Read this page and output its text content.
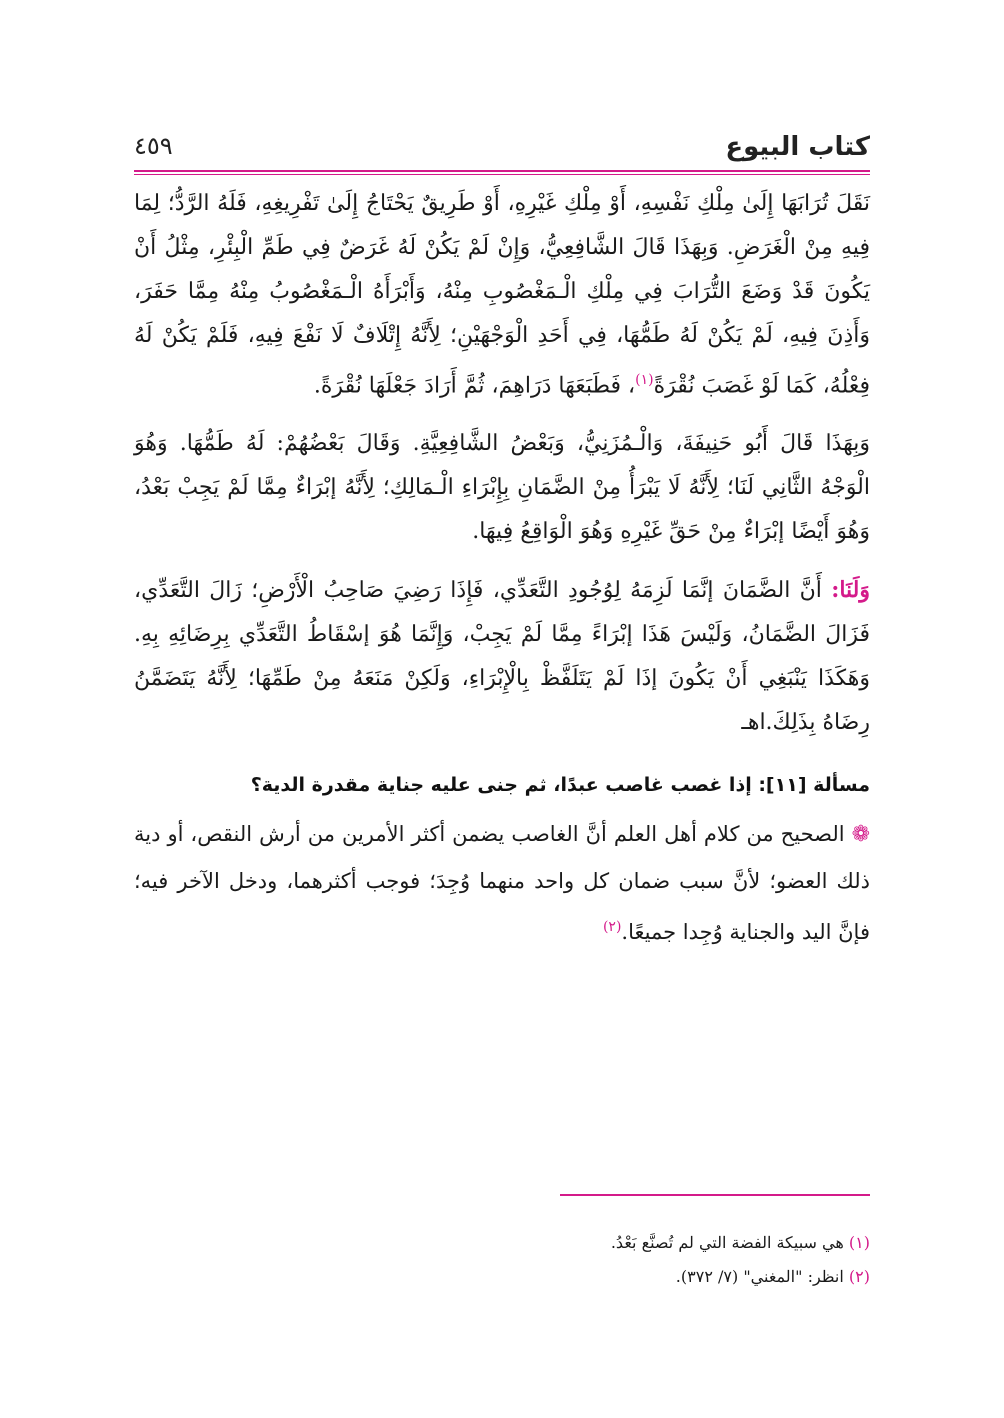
كتاب البيوع
٤٥٩

نَقَلَ تُرَابَهَا إِلَىٰ مِلْكِ نَفْسِهِ، أَوْ مِلْكِ غَيْرِهِ، أَوْ طَرِيقٌ يَحْتَاجُ إِلَىٰ تَفْرِيغِهِ، فَلَهُ الرَّدُّ؛ لِمَا فِيهِ مِنْ الْغَرَضِ. وَبِهَذَا قَالَ الشَّافِعِيُّ، وَإِنْ لَمْ يَكُنْ لَهُ غَرَضٌ فِي طَمِّ الْبِئْرِ، مِثْلُ أَنْ يَكُونَ قَدْ وَضَعَ التُّرَابَ فِي مِلْكِ الْـمَغْصُوبِ مِنْهُ، وَأَبْرَأَهُ الْـمَغْصُوبُ مِنْهُ مِمَّا حَفَرَ، وَأَذِنَ فِيهِ، لَمْ يَكُنْ لَهُ طَمُّهَا، فِي أَحَدِ الْوَجْهَيْنِ؛ لِأَنَّهُ إِتْلَافٌ لَا نَفْعَ فِيهِ، فَلَمْ يَكُنْ لَهُ فِعْلُهُ، كَمَا لَوْ غَصَبَ نُقْرَةً$^{(١)}$، فَطَبَعَهَا دَرَاهِمَ، ثُمَّ أَرَادَ جَعْلَهَا نُقْرَةً.

وَبِهَذَا قَالَ أَبُو حَنِيفَةَ، وَالْـمُزَنِيُّ، وَبَعْضُ الشَّافِعِيَّةِ. وَقَالَ بَعْضُهُمْ: لَهُ طَمُّهَا. وَهُوَ الْوَجْهُ الثَّانِي لَنَا؛ لِأَنَّهُ لَا يَبْرَأُ مِنْ الضَّمَانِ بِإِبْرَاءِ الْـمَالِكِ؛ لِأَنَّهُ إبْرَاءٌ مِمَّا لَمْ يَجِبْ بَعْدُ، وَهُوَ أَيْضًا إبْرَاءٌ مِنْ حَقِّ غَيْرِهِ وَهُوَ الْوَاقِعُ فِيهَا.

وَلَنَا: أَنَّ الضَّمَانَ إنَّمَا لَزِمَهُ لِوُجُودِ التَّعَدِّي، فَإِذَا رَضِيَ صَاحِبُ الْأَرْضِ؛ زَالَ التَّعَدِّي، فَزَالَ الضَّمَانُ، وَلَيْسَ هَذَا إبْرَاءً مِمَّا لَمْ يَجِبْ، وَإِنَّمَا هُوَ إسْقَاطُ التَّعَدِّي بِرِضَائِهِ بِهِ. وَهَكَذَا يَنْبَغِي أَنْ يَكُونَ إذَا لَمْ يَتَلَفَّظْ بِالْإِبْرَاءِ، وَلَكِنْ مَنَعَهُ مِنْ طَمِّهَا؛ لِأَنَّهُ يَتَضَمَّنُ رِضَاهُ بِذَلِكَ.اهـ

مسألة [١١]: إذا غصب غاصب عبدًا، ثم جنى عليه جناية مقدرة الدية؟

❁ الصحيح من كلام أهل العلم أنَّ الغاصب يضمن أكثر الأمرين من أرش النقص، أو دية ذلك العضو؛ لأنَّ سبب ضمان كل واحد منهما وُجِدَ؛ فوجب أكثرهما، ودخل الآخر فيه؛ فإنَّ اليد والجناية وُجِدا جميعًا.$^{(٢)}$

(١) هي سبيكة الفضة التي لم تُصنَّع بَعْدُ.

(٢) انظر: "المغني" (٧/ ٣٧٢).
